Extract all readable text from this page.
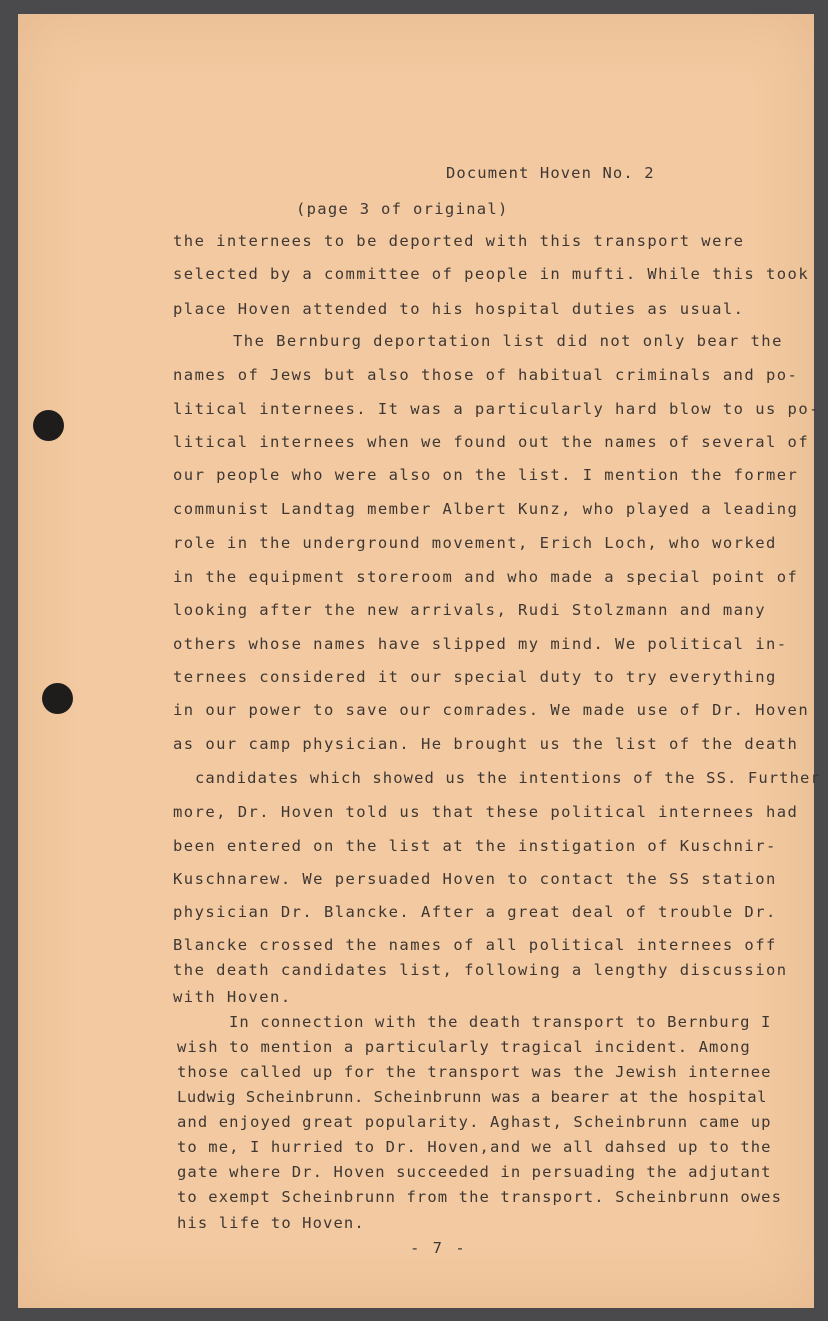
Document Hoven No. 2
(page 3 of original)
the internees to be deported with this transport were
selected by a committee of people in mufti. While this took
place Hoven attended to his hospital duties as usual.
The Bernburg deportation list did not only bear the
names of Jews but also those of habitual criminals and po-
litical internees. It was a particularly hard blow to us po-
litical internees when we found out the names of several of
our people who were also on the list. I mention the former
communist Landtag member Albert Kunz, who played a leading
role in the underground movement, Erich Loch, who worked
in the equipment storeroom and who made a special point of
looking after the new arrivals, Rudi Stolzmann and many
others whose names have slipped my mind. We political in-
ternees considered it our special duty to try everything
in our power to save our comrades. We made use of Dr. Hoven
as our camp physician. He brought us the list of the death
candidates which showed us the intentions of the SS. Further
more, Dr. Hoven told us that these political internees had
been entered on the list at the instigation of Kuschnir-
Kuschnarew. We persuaded Hoven to contact the SS station
physician Dr. Blancke. After a great deal of trouble Dr.
Blancke crossed the names of all political internees off
the death candidates list, following a lengthy discussion
with Hoven.
In connection with the death transport to Bernburg I
wish to mention a particularly tragical incident. Among
those called up for the transport was the Jewish internee
Ludwig Scheinbrunn. Scheinbrunn was a bearer at the hospital
and enjoyed great popularity. Aghast, Scheinbrunn came up
to me, I hurried to Dr. Hoven,and we all dahsed up to the
gate where Dr. Hoven succeeded in persuading the adjutant
to exempt Scheinbrunn from the transport. Scheinbrunn owes
his life to Hoven.
- 7 -
